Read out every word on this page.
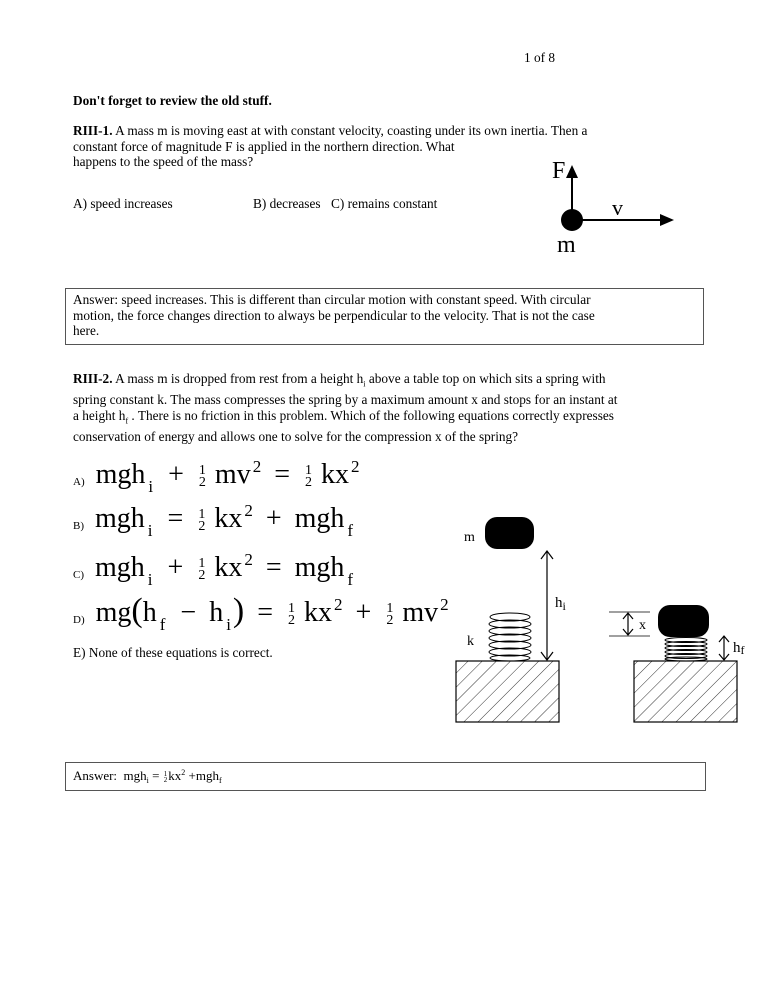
1 of 8
Don't forget to review the old stuff.
RIII-1. A mass m is moving east at with constant velocity, coasting under its own inertia. Then a
constant force of magnitude F is applied in the northern direction. What
happens to the speed of the mass?
A) speed increases	B) decreases C) remains constant
F
v
m
Answer: speed increases. This is different than circular motion with constant speed. With circular
motion, the force changes direction to always be perpendicular to the velocity. That is not the case
here.
RIII-2. A mass m is dropped from rest from a height $h_i$ above a table top on which sits a spring with
spring constant k. The mass compresses the spring by a maximum amount x and stops for an instant at
a height $h_f$ . There is no friction in this problem. Which of the following equations correctly expresses
conservation of energy and allows one to solve for the compression x of the spring?
A) mgh $_i$ + 1
2 mv $^2$ = 1
2 kx $^2$
B) mgh $_i$ = 1
2 kx $^2$ + mgh $_f$
C) mgh $_i$ + 1
2 kx $^2$ = mgh $_f$
D) mg(h $_f$ − h $_i$) = 1
2 kx $^2$ + 1
2 mv $^2$
E) None of these equations is correct.
m
$h_i$
k
x
hf
Answer: mgh$_i$ = 1
2 $kx^2 +mgh_f$
